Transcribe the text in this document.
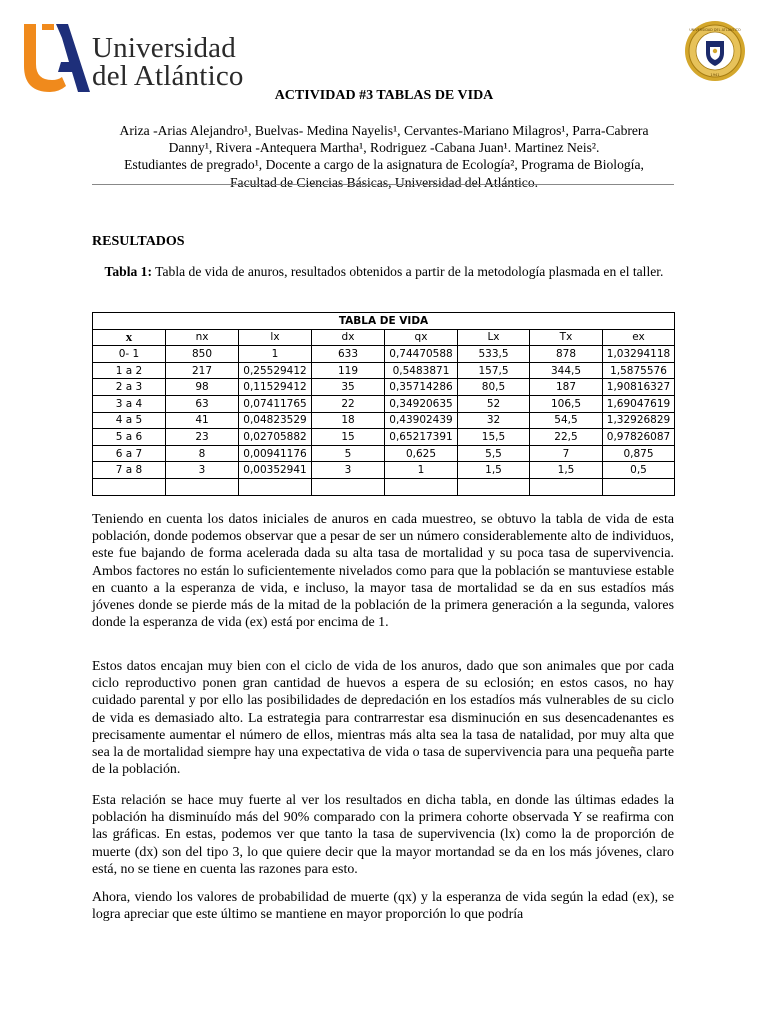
Universidad
del Atlántico
UNIVERSIDAD DEL ATLÁNTICO
1941
ACTIVIDAD #3 TABLAS DE VIDA
Ariza -Arias Alejandro¹, Buelvas- Medina Nayelis¹, Cervantes-Mariano Milagros¹, Parra-Cabrera
Danny¹, Rivera -Antequera Martha¹, Rodriguez -Cabana Juan¹. Martinez Neis².
Estudiantes de pregrado¹, Docente a cargo de la asignatura de Ecología², Programa de Biología,
Facultad de Ciencias Básicas, Universidad del Atlántico.
RESULTADOS
Tabla 1: Tabla de vida de anuros, resultados obtenidos a partir de la metodología plasmada en el taller.
TABLA DE VIDA							
x	nx	lx	dx	qx	Lx	Tx	ex
0- 1	850	1	633	0,74470588	533,5	878	1,03294118
1 a 2	217	0,25529412	119	0,5483871	157,5	344,5	1,5875576
2 a 3	98	0,11529412	35	0,35714286	80,5	187	1,90816327
3 a 4	63	0,07411765	22	0,34920635	52	106,5	1,69047619
4 a 5	41	0,04823529	18	0,43902439	32	54,5	1,32926829
5 a 6	23	0,02705882	15	0,65217391	15,5	22,5	0,97826087
6 a 7	8	0,00941176	5	0,625	5,5	7	0,875
7 a 8	3	0,00352941	3	1	1,5	1,5	0,5

Teniendo en cuenta los datos iniciales de anuros en cada muestreo, se obtuvo la tabla de vida de esta población, donde podemos observar que a pesar de ser un número considerablemente alto de individuos, este fue bajando de forma acelerada dada su alta tasa de mortalidad y su poca tasa de supervivencia. Ambos factores no están lo suficientemente nivelados como para que la población se mantuviese estable en cuanto a la esperanza de vida, e incluso, la mayor tasa de mortalidad se da en sus estadíos más jóvenes donde se pierde más de la mitad de la población de la primera generación a la segunda, valores donde la esperanza de vida (ex) está por encima de 1.

Estos datos encajan muy bien con el ciclo de vida de los anuros, dado que son animales que por cada ciclo reproductivo ponen gran cantidad de huevos a espera de su eclosión; en estos casos, no hay cuidado parental y por ello las posibilidades de depredación en los estadíos más vulnerables de su ciclo de vida es demasiado alto. La estrategia para contrarrestar esa disminución en sus desencadenantes es precisamente aumentar el número de ellos, mientras más alta sea la tasa de natalidad, por muy alta que sea la de mortalidad siempre hay una expectativa de vida o tasa de supervivencia para una pequeña parte de la población.

Esta relación se hace muy fuerte al ver los resultados en dicha tabla, en donde las últimas edades la población ha disminuído más del 90% comparado con la primera cohorte observada Y se reafirma con las gráficas. En estas, podemos ver que tanto la tasa de supervivencia (lx) como la de proporción de muerte (dx) son del tipo 3, lo que quiere decir que la mayor mortandad se da en los más jóvenes, claro está, no se tiene en cuenta las razones para esto.

Ahora, viendo los valores de probabilidad de muerte (qx) y la esperanza de vida según la edad (ex), se logra apreciar que este último se mantiene en mayor proporción lo que podría
